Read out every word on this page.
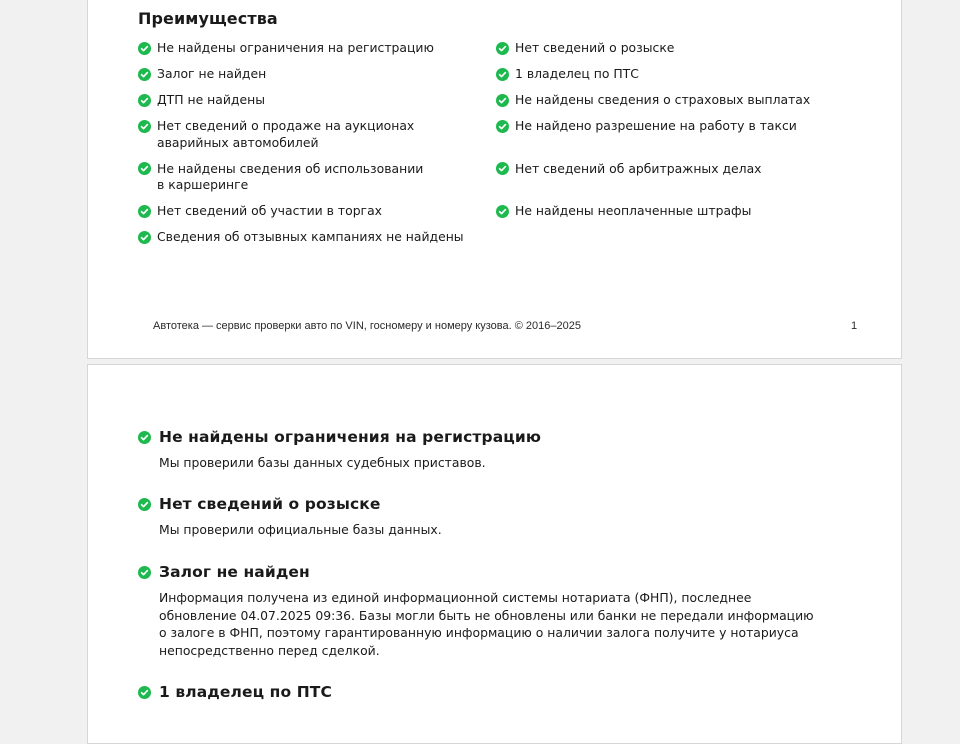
Преимущества
Не найдены ограничения на регистрацию
Залог не найден
ДТП не найдены
Нет сведений о продаже на аукционах аварийных автомобилей
Не найдены сведения об использовании в каршеринге
Нет сведений об участии в торгах
Сведения об отзывных кампаниях не найдены
Нет сведений о розыске
1 владелец по ПТС
Не найдены сведения о страховых выплатах
Не найдено разрешение на работу в такси
Нет сведений об арбитражных делах
Не найдены неоплаченные штрафы
Автотека — сервис проверки авто по VIN, госномеру и номеру кузова. © 2016–2025	1
Не найдены ограничения на регистрацию
Мы проверили базы данных судебных приставов.
Нет сведений о розыске
Мы проверили официальные базы данных.
Залог не найден
Информация получена из единой информационной системы нотариата (ФНП), последнее обновление 04.07.2025 09:36. Базы могли быть не обновлены или банки не передали информацию о залоге в ФНП, поэтому гарантированную информацию о наличии залога получите у нотариуса непосредственно перед сделкой.
1 владелец по ПТС
